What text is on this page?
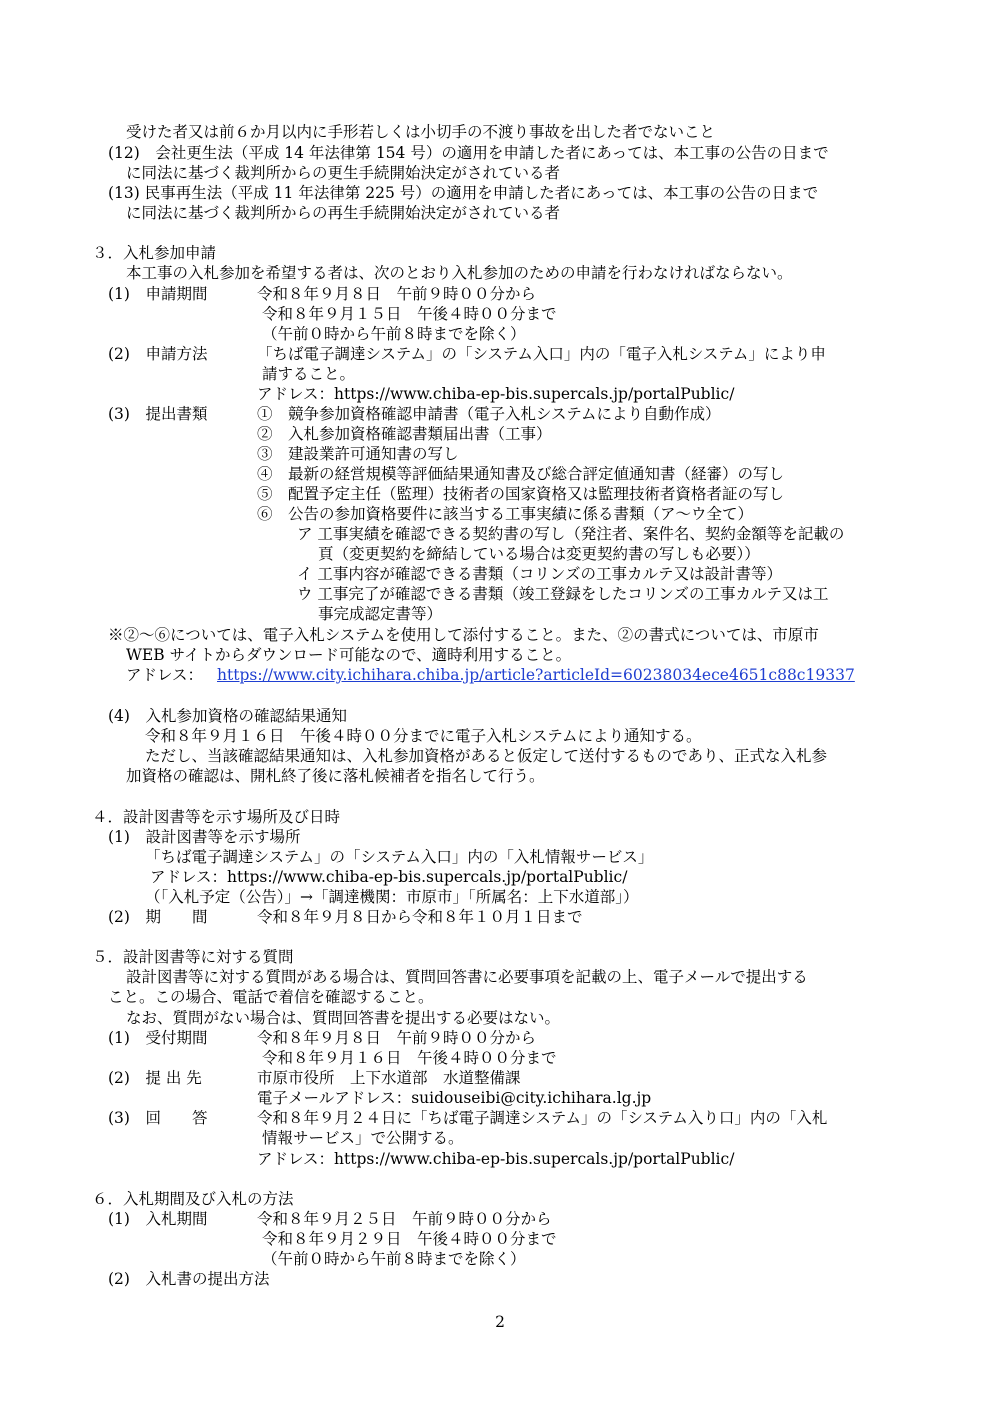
受けた者又は前６か月以内に手形若しくは小切手の不渡り事故を出した者でないこと
(12)　会社更生法（平成 14 年法律第 154 号）の適用を申請した者にあっては、本工事の公告の日まで
に同法に基づく裁判所からの更生手続開始決定がされている者
(13) 民事再生法（平成 11 年法律第 225 号）の適用を申請した者にあっては、本工事の公告の日まで
に同法に基づく裁判所からの再生手続開始決定がされている者
３．入札参加申請
本工事の入札参加を希望する者は、次のとおり入札参加のための申請を行わなければならない。
(1)　申請期間	令和８年９月８日　午前９時００分から
令和８年９月１５日　午後４時００分まで
（午前０時から午前８時までを除く）
(2)　申請方法	「ちば電子調達システム」の「システム入口」内の「電子入札システム」により申
請すること。
アドレス：https://www.chiba-ep-bis.supercals.jp/portalPublic/
(3)　提出書類	①　競争参加資格確認申請書（電子入札システムにより自動作成）
②　入札参加資格確認書類届出書（工事）
③　建設業許可通知書の写し
④　最新の経営規模等評価結果通知書及び総合評定値通知書（経審）の写し
⑤　配置予定主任（監理）技術者の国家資格又は監理技術者資格者証の写し
⑥　公告の参加資格要件に該当する工事実績に係る書類（ア～ウ全て）
ア 工事実績を確認できる契約書の写し（発注者、案件名、契約金額等を記載の
頁（変更契約を締結している場合は変更契約書の写しも必要））
イ 工事内容が確認できる書類（コリンズの工事カルテ又は設計書等）
ウ 工事完了が確認できる書類（竣工登録をしたコリンズの工事カルテ又は工
事完成認定書等）
※②～⑥については、電子入札システムを使用して添付すること。また、②の書式については、市原市
WEB サイトからダウンロード可能なので、適時利用すること。
アドレス： https://www.city.ichihara.chiba.jp/article?articleId=60238034ece4651c88c19337
(4)　入札参加資格の確認結果通知
令和８年９月１６日　午後４時００分までに電子入札システムにより通知する。
ただし、当該確認結果通知は、入札参加資格があると仮定して送付するものであり、正式な入札参
加資格の確認は、開札終了後に落札候補者を指名して行う。
４．設計図書等を示す場所及び日時
(1)　設計図書等を示す場所
「ちば電子調達システム」の「システム入口」内の「入札情報サービス」
アドレス：https://www.chiba-ep-bis.supercals.jp/portalPublic/
（「入札予定（公告）」→「調達機関：市原市」「所属名：上下水道部」）
(2)　期　　間	令和８年９月８日から令和８年１０月１日まで
５．設計図書等に対する質問
設計図書等に対する質問がある場合は、質問回答書に必要事項を記載の上、電子メールで提出する
こと。この場合、電話で着信を確認すること。
なお、質問がない場合は、質問回答書を提出する必要はない。
(1)　受付期間	令和８年９月８日　午前９時００分から
令和８年９月１６日　午後４時００分まで
(2)　提 出 先	市原市役所　上下水道部　水道整備課
電子メールアドレス：suidouseibi@city.ichihara.lg.jp
(3)　回　　答	令和８年９月２４日に「ちば電子調達システム」の「システム入り口」内の「入札
情報サービス」で公開する。
アドレス：https://www.chiba-ep-bis.supercals.jp/portalPublic/
６．入札期間及び入札の方法
(1)　入札期間	令和８年９月２５日　午前９時００分から
令和８年９月２９日　午後４時００分まで
（午前０時から午前８時までを除く）
(2)　入札書の提出方法
2
